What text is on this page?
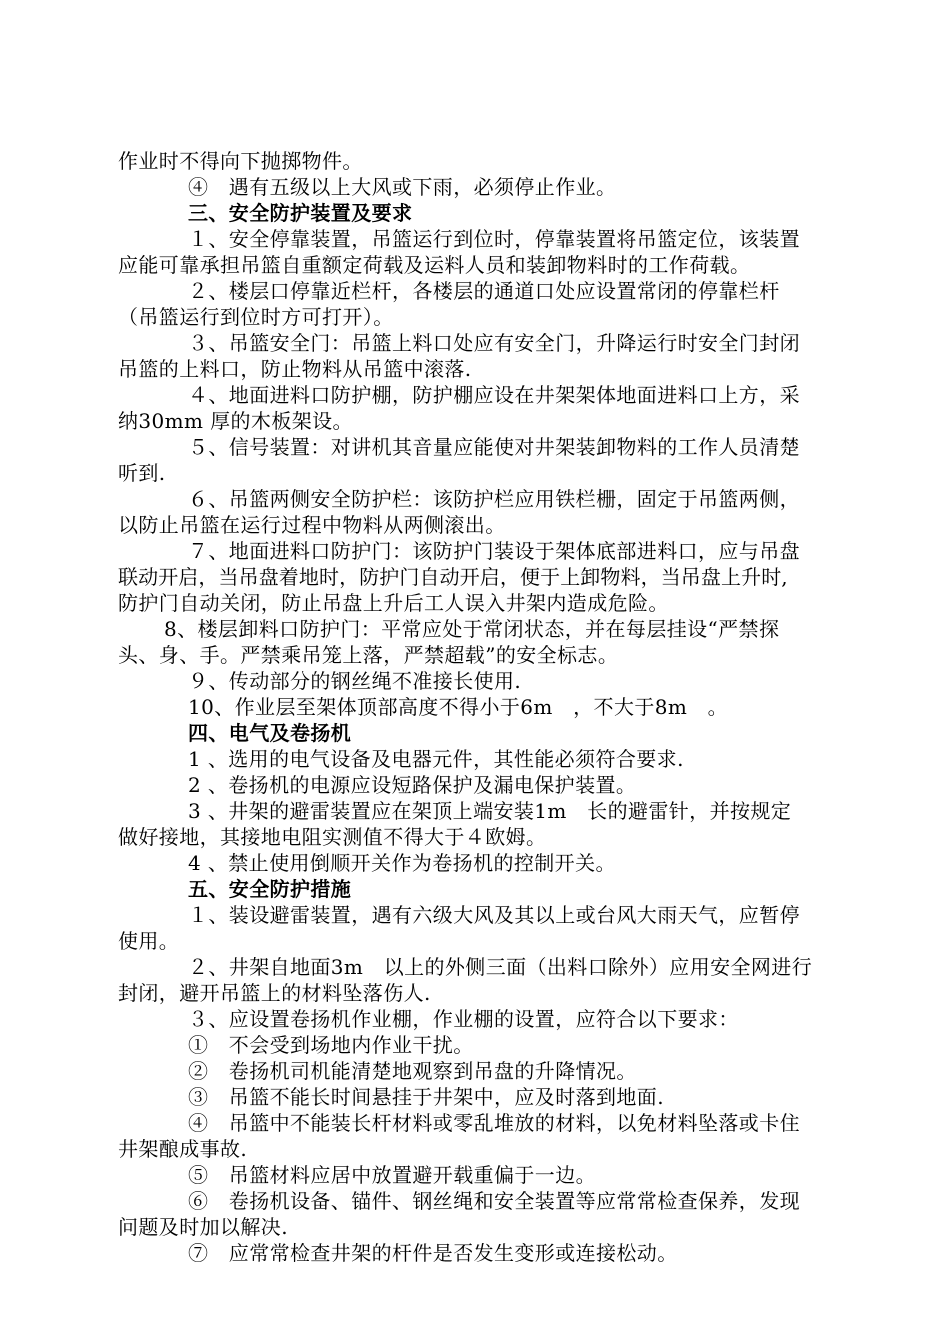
作业时不得向下抛掷物件。
④　遇有五级以上大风或下雨，必须停止作业。
三、安全防护装置及要求
１、安全停靠装置，吊篮运行到位时，停靠装置将吊篮定位，该装置
应能可靠承担吊篮自重额定荷载及运料人员和装卸物料时的工作荷载。
２、楼层口停靠近栏杆，各楼层的通道口处应设置常闭的停靠栏杆
（吊篮运行到位时方可打开）。
３、吊篮安全门：吊篮上料口处应有安全门，升降运行时安全门封闭
吊篮的上料口，防止物料从吊篮中滚落.
４、地面进料口防护棚，防护棚应设在井架架体地面进料口上方，采
纳30mm 厚的木板架设。
５、信号装置：对讲机其音量应能使对井架装卸物料的工作人员清楚
听到.
６、吊篮两侧安全防护栏：该防护栏应用铁栏栅，固定于吊篮两侧，
以防止吊篮在运行过程中物料从两侧滚出。
７、地面进料口防护门：该防护门装设于架体底部进料口，应与吊盘
联动开启，当吊盘着地时，防护门自动开启，便于上卸物料，当吊盘上升时,
防护门自动关闭，防止吊盘上升后工人误入井架内造成危险。
8、楼层卸料口防护门：平常应处于常闭状态，并在每层挂设“严禁探
头、身、手。严禁乘吊笼上落，严禁超载”的安全标志。
９、传动部分的钢丝绳不准接长使用.
10、作业层至架体顶部高度不得小于6m　，不大于8m　。
四、电气及卷扬机
1 、选用的电气设备及电器元件，其性能必须符合要求.
2 、卷扬机的电源应设短路保护及漏电保护装置。
3 、井架的避雷装置应在架顶上端安装1m　长的避雷针，并按规定
做好接地，其接地电阻实测值不得大于４欧姆。
4 、禁止使用倒顺开关作为卷扬机的控制开关。
五、安全防护措施
１、装设避雷装置，遇有六级大风及其以上或台风大雨天气，应暂停
使用。
２、井架自地面3m　以上的外侧三面（出料口除外）应用安全网进行
封闭，避开吊篮上的材料坠落伤人.
３、应设置卷扬机作业棚，作业棚的设置，应符合以下要求：
①　不会受到场地内作业干扰。
②　卷扬机司机能清楚地观察到吊盘的升降情况。
③　吊篮不能长时间悬挂于井架中，应及时落到地面.
④　吊篮中不能装长杆材料或零乱堆放的材料，以免材料坠落或卡住
井架酿成事故.
⑤　吊篮材料应居中放置避开载重偏于一边。
⑥　卷扬机设备、锚件、钢丝绳和安全装置等应常常检查保养，发现
问题及时加以解决.
⑦　应常常检查井架的杆件是否发生变形或连接松动。
